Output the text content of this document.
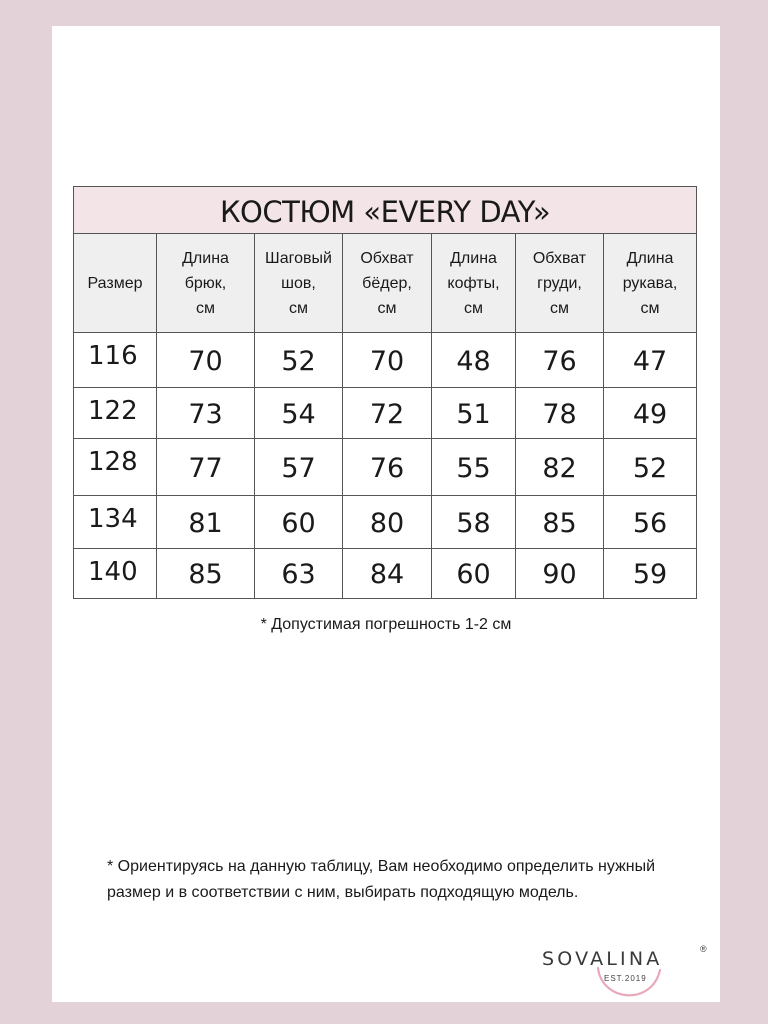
КОСТЮМ «EVERY DAY»						

Размер	Длина
брюк,
см	Шаговый
шов,
см	Обхват
бёдер,
см	Длина
кофты,
см	Обхват
груди,
см	Длина
рукава,
см

116	70	52	70	48	76	47
122	73	54	72	51	78	49
128	77	57	76	55	82	52
134	81	60	80	58	85	56
140	85	63	84	60	90	59

* Допустимая погрешность 1-2 см

* Ориентируясь на данную таблицу, Вам необходимо определить нужный размер и в соответствии с ним, выбирать подходящую модель.

SOVALINA	®
EST.2019
